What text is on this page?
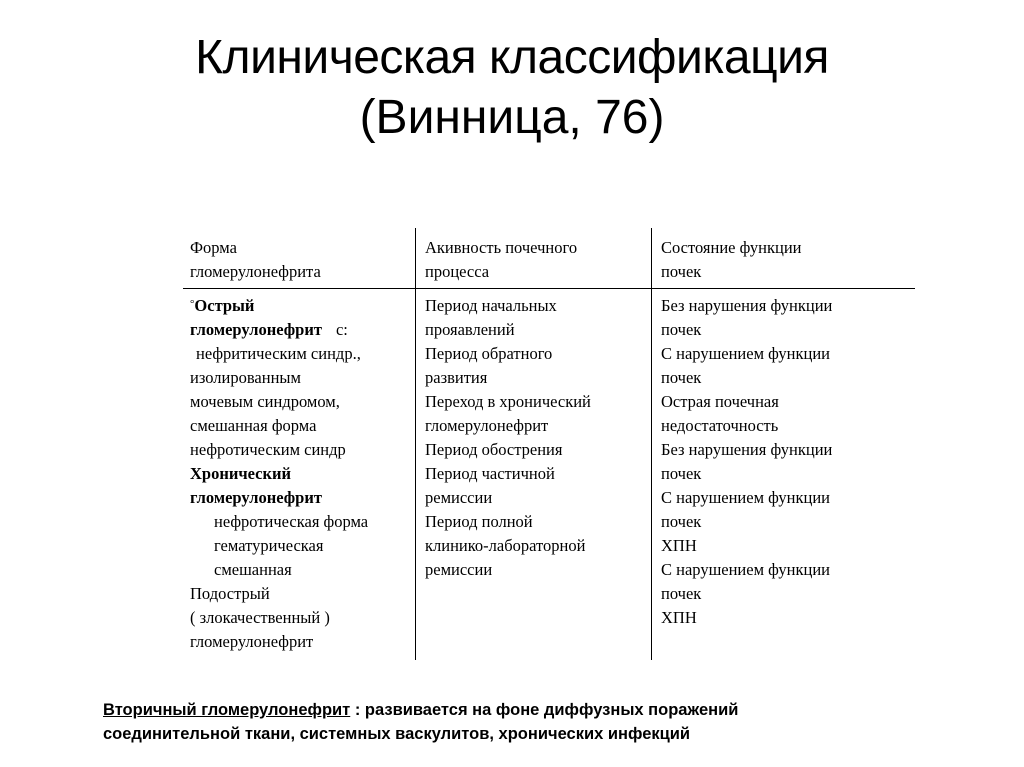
Клиническая классификация
(Винница, 76)
Форма
гломерулонефрита
Акивность почечного
процесса
Состояние функции
почек
°Острый
гломерулонефрит с:
нефритическим синдр.,
изолированным
мочевым синдромом,
смешанная форма
нефротическим синдр
Хронический
гломерулонефрит
нефротическая форма
гематурическая
смешанная
Подострый
( злокачественный )
гломерулонефрит
Период начальных
прояавлений
Период обратного
развития
Переход в хронический
гломерулонефрит
Период обострения
Период частичной
ремиссии
Период полной
клинико-лабораторной
ремиссии
Без нарушения функции
почек
С нарушением функции
почек
Острая почечная
недостаточность
Без нарушения функции
почек
С нарушением функции
почек
ХПН
С нарушением функции
почек
ХПН
Вторичный гломерулонефрит : развивается на фоне диффузных поражений
соединительной ткани, системных васкулитов, хронических инфекций
